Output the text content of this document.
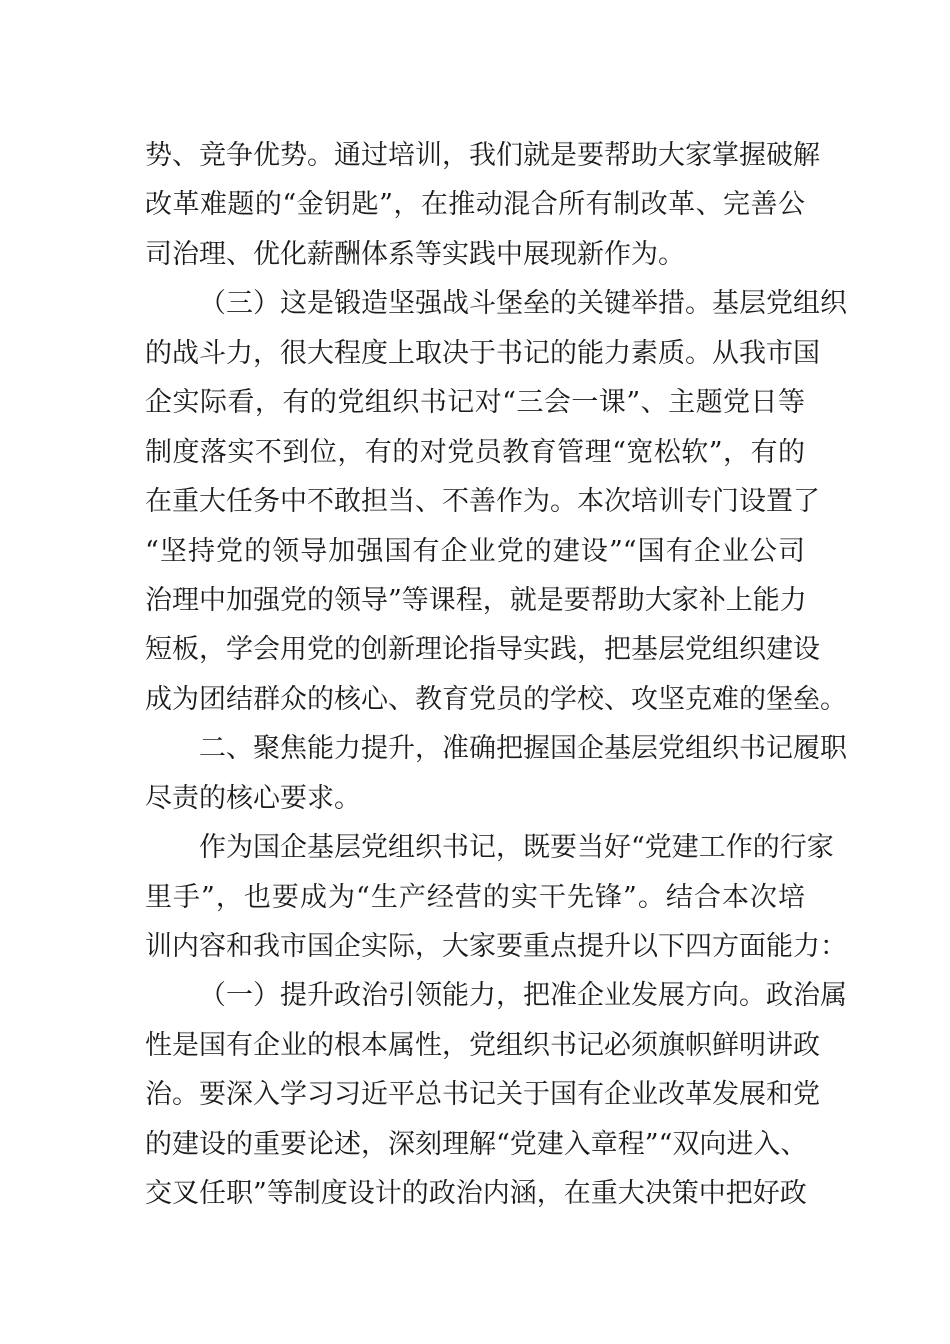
势、竞争优势。通过培训，我们就是要帮助大家掌握破解
改革难题的“金钥匙”，在推动混合所有制改革、完善公
司治理、优化薪酬体系等实践中展现新作为。
（三）这是锻造坚强战斗堡垒的关键举措。基层党组织
的战斗力，很大程度上取决于书记的能力素质。从我市国
企实际看，有的党组织书记对“三会一课”、主题党日等
制度落实不到位，有的对党员教育管理“宽松软”，有的
在重大任务中不敢担当、不善作为。本次培训专门设置了
“坚持党的领导加强国有企业党的建设”“国有企业公司
治理中加强党的领导”等课程，就是要帮助大家补上能力
短板，学会用党的创新理论指导实践，把基层党组织建设
成为团结群众的核心、教育党员的学校、攻坚克难的堡垒。
二、聚焦能力提升，准确把握国企基层党组织书记履职
尽责的核心要求。
作为国企基层党组织书记，既要当好“党建工作的行家
里手”，也要成为“生产经营的实干先锋”。结合本次培
训内容和我市国企实际，大家要重点提升以下四方面能力：
（一）提升政治引领能力，把准企业发展方向。政治属
性是国有企业的根本属性，党组织书记必须旗帜鲜明讲政
治。要深入学习习近平总书记关于国有企业改革发展和党
的建设的重要论述，深刻理解“党建入章程”“双向进入、
交叉任职”等制度设计的政治内涵，在重大决策中把好政
